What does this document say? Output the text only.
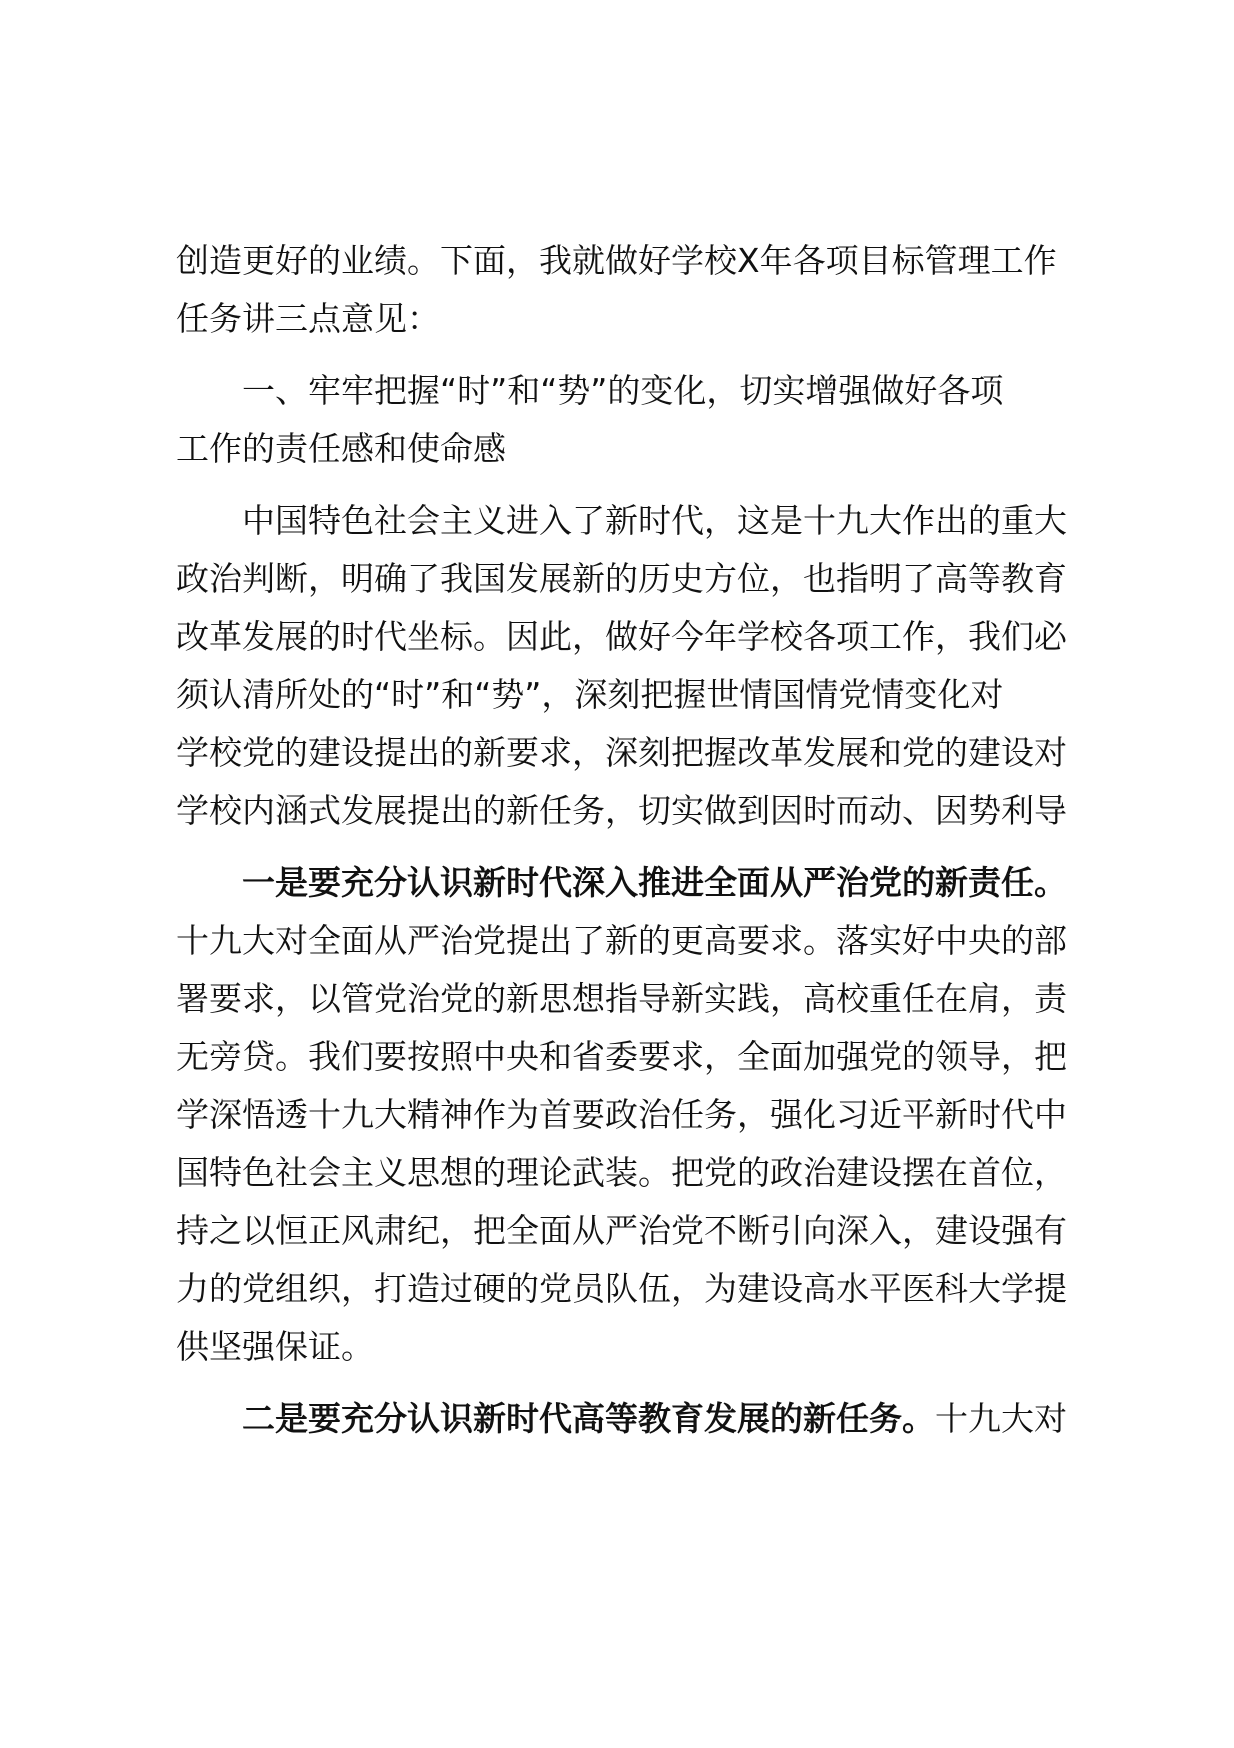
创造更好的业绩。下面，我就做好学校X年各项目标管理工作
任务讲三点意见：
一、牢牢把握“时”和“势”的变化，切实增强做好各项
工作的责任感和使命感
中国特色社会主义进入了新时代，这是十九大作出的重大
政治判断，明确了我国发展新的历史方位，也指明了高等教育
改革发展的时代坐标。因此，做好今年学校各项工作，我们必
须认清所处的“时”和“势”，深刻把握世情国情党情变化对
学校党的建设提出的新要求，深刻把握改革发展和党的建设对
学校内涵式发展提出的新任务，切实做到因时而动、因势利导
一是要充分认识新时代深入推进全面从严治党的新责任。
十九大对全面从严治党提出了新的更高要求。落实好中央的部
署要求，以管党治党的新思想指导新实践，高校重任在肩，责
无旁贷。我们要按照中央和省委要求，全面加强党的领导，把
学深悟透十九大精神作为首要政治任务，强化习近平新时代中
国特色社会主义思想的理论武装。把党的政治建设摆在首位，
持之以恒正风肃纪，把全面从严治党不断引向深入，建设强有
力的党组织，打造过硬的党员队伍，为建设高水平医科大学提
供坚强保证。
二是要充分认识新时代高等教育发展的新任务。十九大对
